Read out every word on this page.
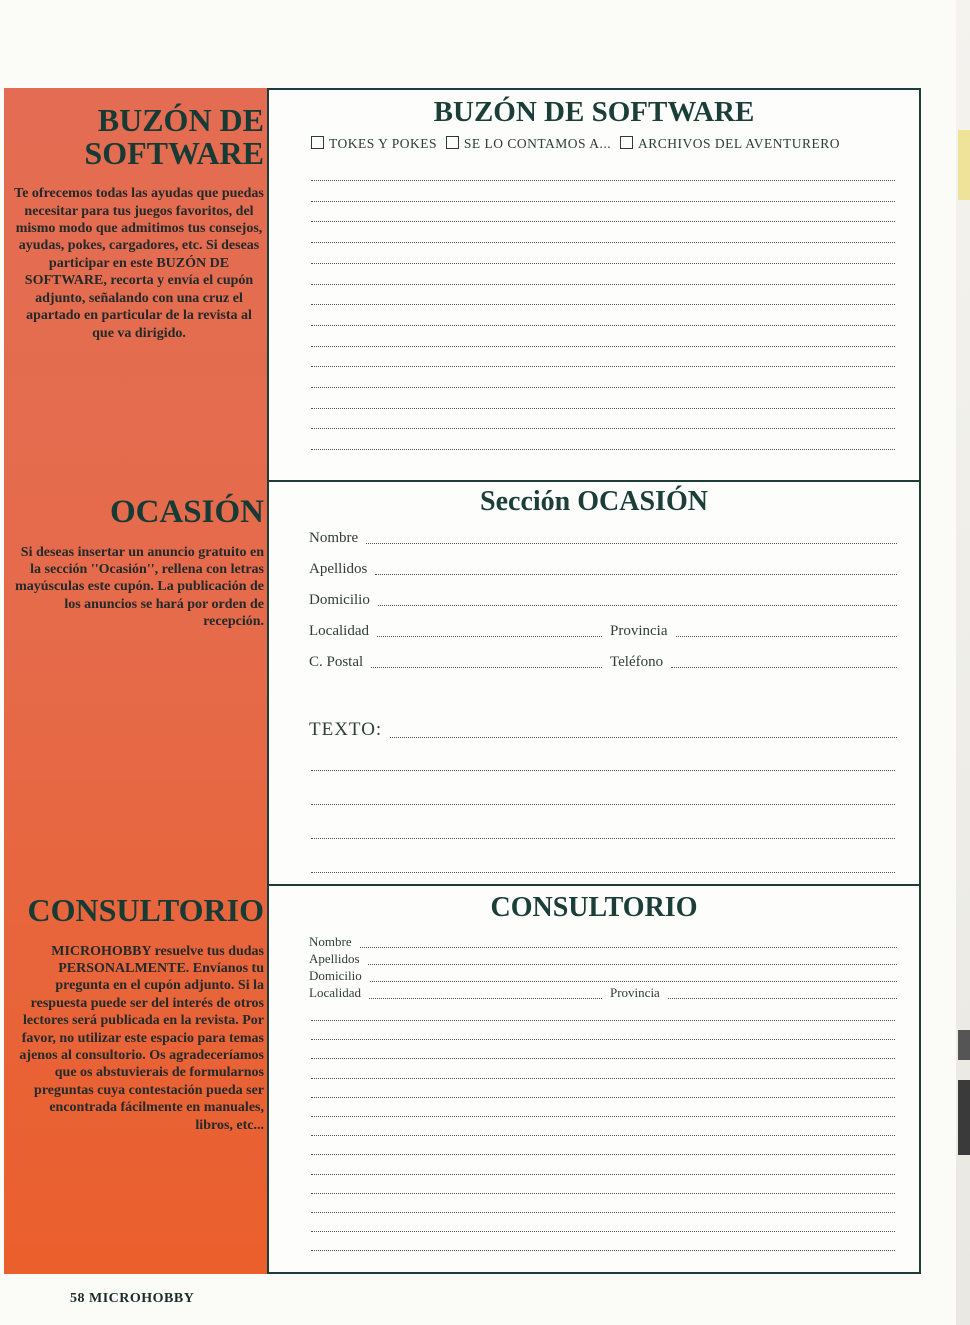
BUZÓN DE SOFTWARE

Te ofrecemos todas las ayudas que puedas necesitar para tus juegos favoritos, del mismo modo que admitimos tus consejos, ayudas, pokes, cargadores, etc. Si deseas participar en este BUZÓN DE SOFTWARE, recorta y envía el cupón adjunto, señalando con una cruz el apartado en particular de la revista al que va dirigido.

OCASIÓN

Si deseas insertar un anuncio gratuito en la sección ''Ocasión'', rellena con letras mayúsculas este cupón. La publicación de los anuncios se hará por orden de recepción.

CONSULTORIO

MICROHOBBY resuelve tus dudas PERSONALMENTE. Envíanos tu pregunta en el cupón adjunto. Si la respuesta puede ser del interés de otros lectores será publicada en la revista. Por favor, no utilizar este espacio para temas ajenos al consultorio. Os agradeceríamos que os abstuvierais de formularnos preguntas cuya contestación pueda ser encontrada fácilmente en manuales, libros, etc...

BUZÓN DE SOFTWARE
TOKES Y POKES SE LO CONTAMOS A... ARCHIVOS DEL AVENTURERO
Sección OCASIÓN
Nombre
Apellidos
Domicilio
Localidad	Provincia
C. Postal	Teléfono
TEXTO:
CONSULTORIO
Nombre
Apellidos
Domicilio
Localidad	Provincia
58 MICROHOBBY
